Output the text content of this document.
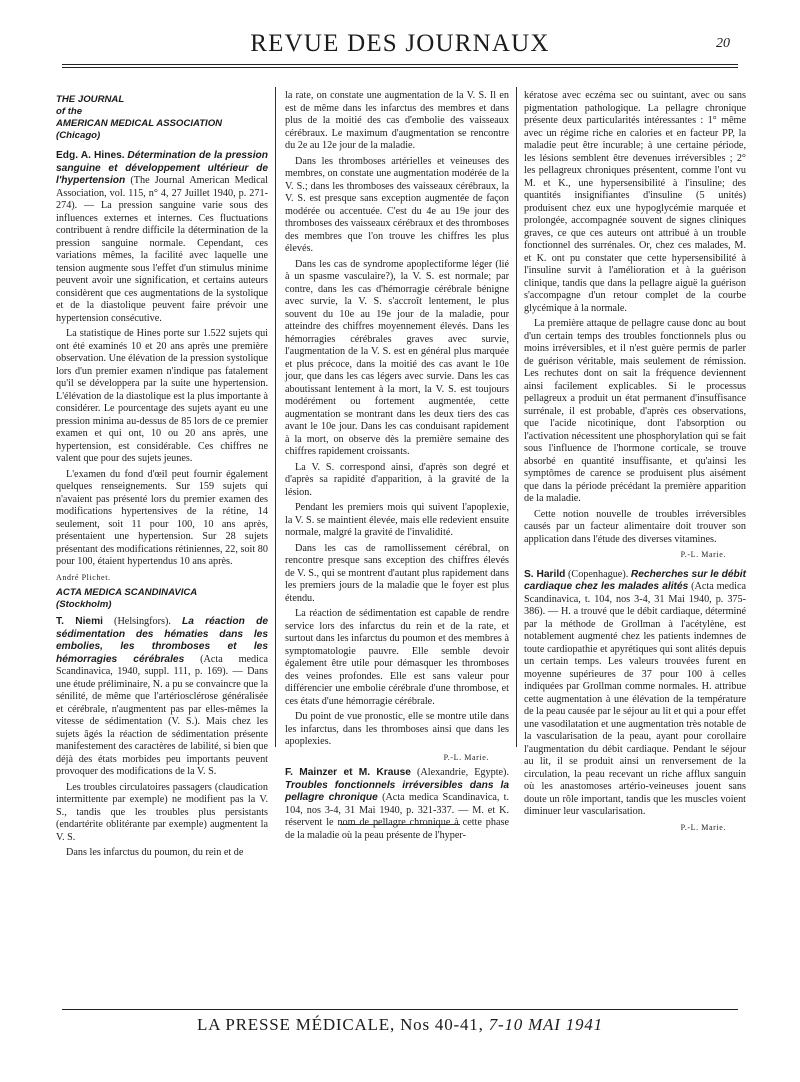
REVUE DES JOURNAUX	20

THE JOURNAL

of the

AMERICAN MEDICAL ASSOCIATION

(Chicago)

Edg. A. Hines. Détermination de la pression sanguine et développement ultérieur de l'hypertension (The Journal American Medical Association, vol. 115, n° 4, 27 Juillet 1940, p. 271-274). — La pression sanguine varie sous des influences externes et internes. Ces fluctuations contribuent à rendre difficile la détermination de la pression sanguine normale. Cependant, ces variations mêmes, la facilité avec laquelle une tension augmente sous l'effet d'un stimulus minime peuvent avoir une signification, et certains auteurs considèrent que ces augmentations de la systolique et de la diastolique peuvent faire prévoir une hypertension consécutive.

La statistique de Hines porte sur 1.522 sujets qui ont été examinés 10 et 20 ans après une première observation. Une élévation de la pression systolique lors d'un premier examen n'indique pas fatalement qu'il se développera par la suite une hypertension. L'élévation de la diastolique est la plus importante à considérer. Le pourcentage des sujets ayant eu une pression minima au-dessus de 85 lors de ce premier examen et qui ont, 10 ou 20 ans après, une hypertension, est considérable. Ces chiffres ne valent que pour des sujets jeunes.

L'examen du fond d'œil peut fournir également quelques renseignements. Sur 159 sujets qui n'avaient pas présenté lors du premier examen des modifications hypertensives de la rétine, 14 seulement, soit 11 pour 100, 10 ans après, présentaient une hypertension. Sur 28 sujets présentant des modifications rétiniennes, 22, soit 80 pour 100, étaient hypertendus 10 ans après.

André Plichet.

ACTA MEDICA SCANDINAVICA

(Stockholm)

T. Niemi (Helsingfors). La réaction de sédimentation des hématies dans les embolies, les thromboses et les hémorragies cérébrales (Acta medica Scandinavica, 1940, suppl. 111, p. 169). — Dans une étude préliminaire, N. a pu se convaincre que la sénilité, de même que l'artériosclérose généralisée et cérébrale, n'augmentent pas par elles-mêmes la vitesse de sédimentation (V. S.). Mais chez les sujets âgés la réaction de sédimentation présente manifestement des caractères de labilité, si bien que déjà des états morbides peu importants peuvent provoquer des modifications de la V. S.

Les troubles circulatoires passagers (claudication intermittente par exemple) ne modifient pas la V. S., tandis que les troubles plus persistants (endartérite oblitérante par exemple) augmentent la V. S.

Dans les infarctus du poumon, du rein et de

la rate, on constate une augmentation de la V. S. Il en est de même dans les infarctus des membres et dans plus de la moitié des cas d'embolie des vaisseaux cérébraux. Le maximum d'augmentation se rencontre du 2e au 12e jour de la maladie.

Dans les thromboses artérielles et veineuses des membres, on constate une augmentation modérée de la V. S.; dans les thromboses des vaisseaux cérébraux, la V. S. est presque sans exception augmentée de façon modérée ou accentuée. C'est du 4e au 19e jour des thromboses des vaisseaux cérébraux et des thromboses des membres que l'on trouve les chiffres les plus élevés.

Dans les cas de syndrome apoplectiforme léger (lié à un spasme vasculaire?), la V. S. est normale; par contre, dans les cas d'hémorragie cérébrale bénigne avec survie, la V. S. s'accroît lentement, le plus souvent du 10e au 19e jour de la maladie, pour atteindre des chiffres moyennement élevés. Dans les hémorragies cérébrales graves avec survie, l'augmentation de la V. S. est en général plus marquée et plus précoce, dans la moitié des cas avant le 10e jour, que dans les cas légers avec survie. Dans les cas aboutissant lentement à la mort, la V. S. est toujours modérément ou fortement augmentée, cette augmentation se montrant dans les deux tiers des cas avant le 10e jour. Dans les cas conduisant rapidement à la mort, on observe dès la première semaine des chiffres rapidement croissants.

La V. S. correspond ainsi, d'après son degré et d'après sa rapidité d'apparition, à la gravité de la lésion.

Pendant les premiers mois qui suivent l'apoplexie, la V. S. se maintient élevée, mais elle redevient ensuite normale, malgré la gravité de l'invalidité.

Dans les cas de ramollissement cérébral, on rencontre presque sans exception des chiffres élevés de V. S., qui se montrent d'autant plus rapidement dans les premiers jours de la maladie que le foyer est plus étendu.

La réaction de sédimentation est capable de rendre service lors des infarctus du rein et de la rate, et surtout dans les infarctus du poumon et des membres à symptomatologie pauvre. Elle semble devoir également être utile pour démasquer les thromboses des veines profondes. Elle est sans valeur pour différencier une embolie cérébrale d'une thrombose, et ces états d'une hémorragie cérébrale.

Du point de vue pronostic, elle se montre utile dans les infarctus, dans les thromboses ainsi que dans les apoplexies.

P.-L. Marie.

F. Mainzer et M. Krause (Alexandrie, Egypte). Troubles fonctionnels irréversibles dans la pellagre chronique (Acta medica Scandinavica, t. 104, nos 3-4, 31 Mai 1940, p. 321-337. — M. et K. réservent le nom de pellagre chronique à cette phase de la maladie où la peau présente de l'hyper-

kératose avec eczéma sec ou suintant, avec ou sans pigmentation pathologique. La pellagre chronique présente deux particularités intéressantes : 1° même avec un régime riche en calories et en facteur PP, la maladie peut être incurable; à une certaine période, les lésions semblent être devenues irréversibles ; 2° les pellagreux chroniques présentent, comme l'ont vu M. et K., une hypersensibilité à l'insuline; des quantités insignifiantes d'insuline (5 unités) produisent chez eux une hypoglycémie marquée et prolongée, accompagnée souvent de signes cliniques graves, ce que ces auteurs ont attribué à un trouble fonctionnel des surrénales. Or, chez ces malades, M. et K. ont pu constater que cette hypersensibilité à l'insuline survit à l'amélioration et à la guérison clinique, tandis que dans la pellagre aiguë la guérison s'accompagne d'un retour complet de la courbe glycémique à la normale.

La première attaque de pellagre cause donc au bout d'un certain temps des troubles fonctionnels plus ou moins irréversibles, et il n'est guère permis de parler de guérison véritable, mais seulement de rémission. Les rechutes dont on sait la fréquence deviennent ainsi facilement explicables. Si le processus pellagreux a produit un état permanent d'insuffisance surrénale, il est probable, d'après ces observations, que l'acide nicotinique, dont l'absorption ou l'activation nécessitent une phosphorylation qui se fait sous l'influence de l'hormone corticale, se trouve absorbé en quantité insuffisante, et qu'ainsi les symptômes de carence se produisent plus aisément que dans la période précédant la première apparition de la maladie.

Cette notion nouvelle de troubles irréversibles causés par un facteur alimentaire doit trouver son application dans l'étude des diverses vitamines.

P.-L. Marie.

S. Harild (Copenhague). Recherches sur le débit cardiaque chez les malades alités (Acta medica Scandinavica, t. 104, nos 3-4, 31 Mai 1940, p. 375-386). — H. a trouvé que le débit cardiaque, déterminé par la méthode de Grollman à l'acétylène, est notablement augmenté chez les patients indemnes de toute cardiopathie et apyrétiques qui sont alités depuis un certain temps. Les valeurs trouvées furent en moyenne supérieures de 37 pour 100 à celles indiquées par Grollman comme normales. H. attribue cette augmentation à une élévation de la température de la peau causée par le séjour au lit et qui a pour effet une vasodilatation et une augmentation très notable de la vascularisation de la peau, ayant pour corollaire l'augmentation du débit cardiaque. Pendant le séjour au lit, il se produit ainsi un renversement de la circulation, la peau recevant un riche afflux sanguin où les anastomoses artério-veineuses jouent sans doute un rôle important, tandis que les muscles voient diminuer leur vascularisation.

P.-L. Marie.

LA PRESSE MÉDICALE, Nos 40-41, 7-10 MAI 1941
